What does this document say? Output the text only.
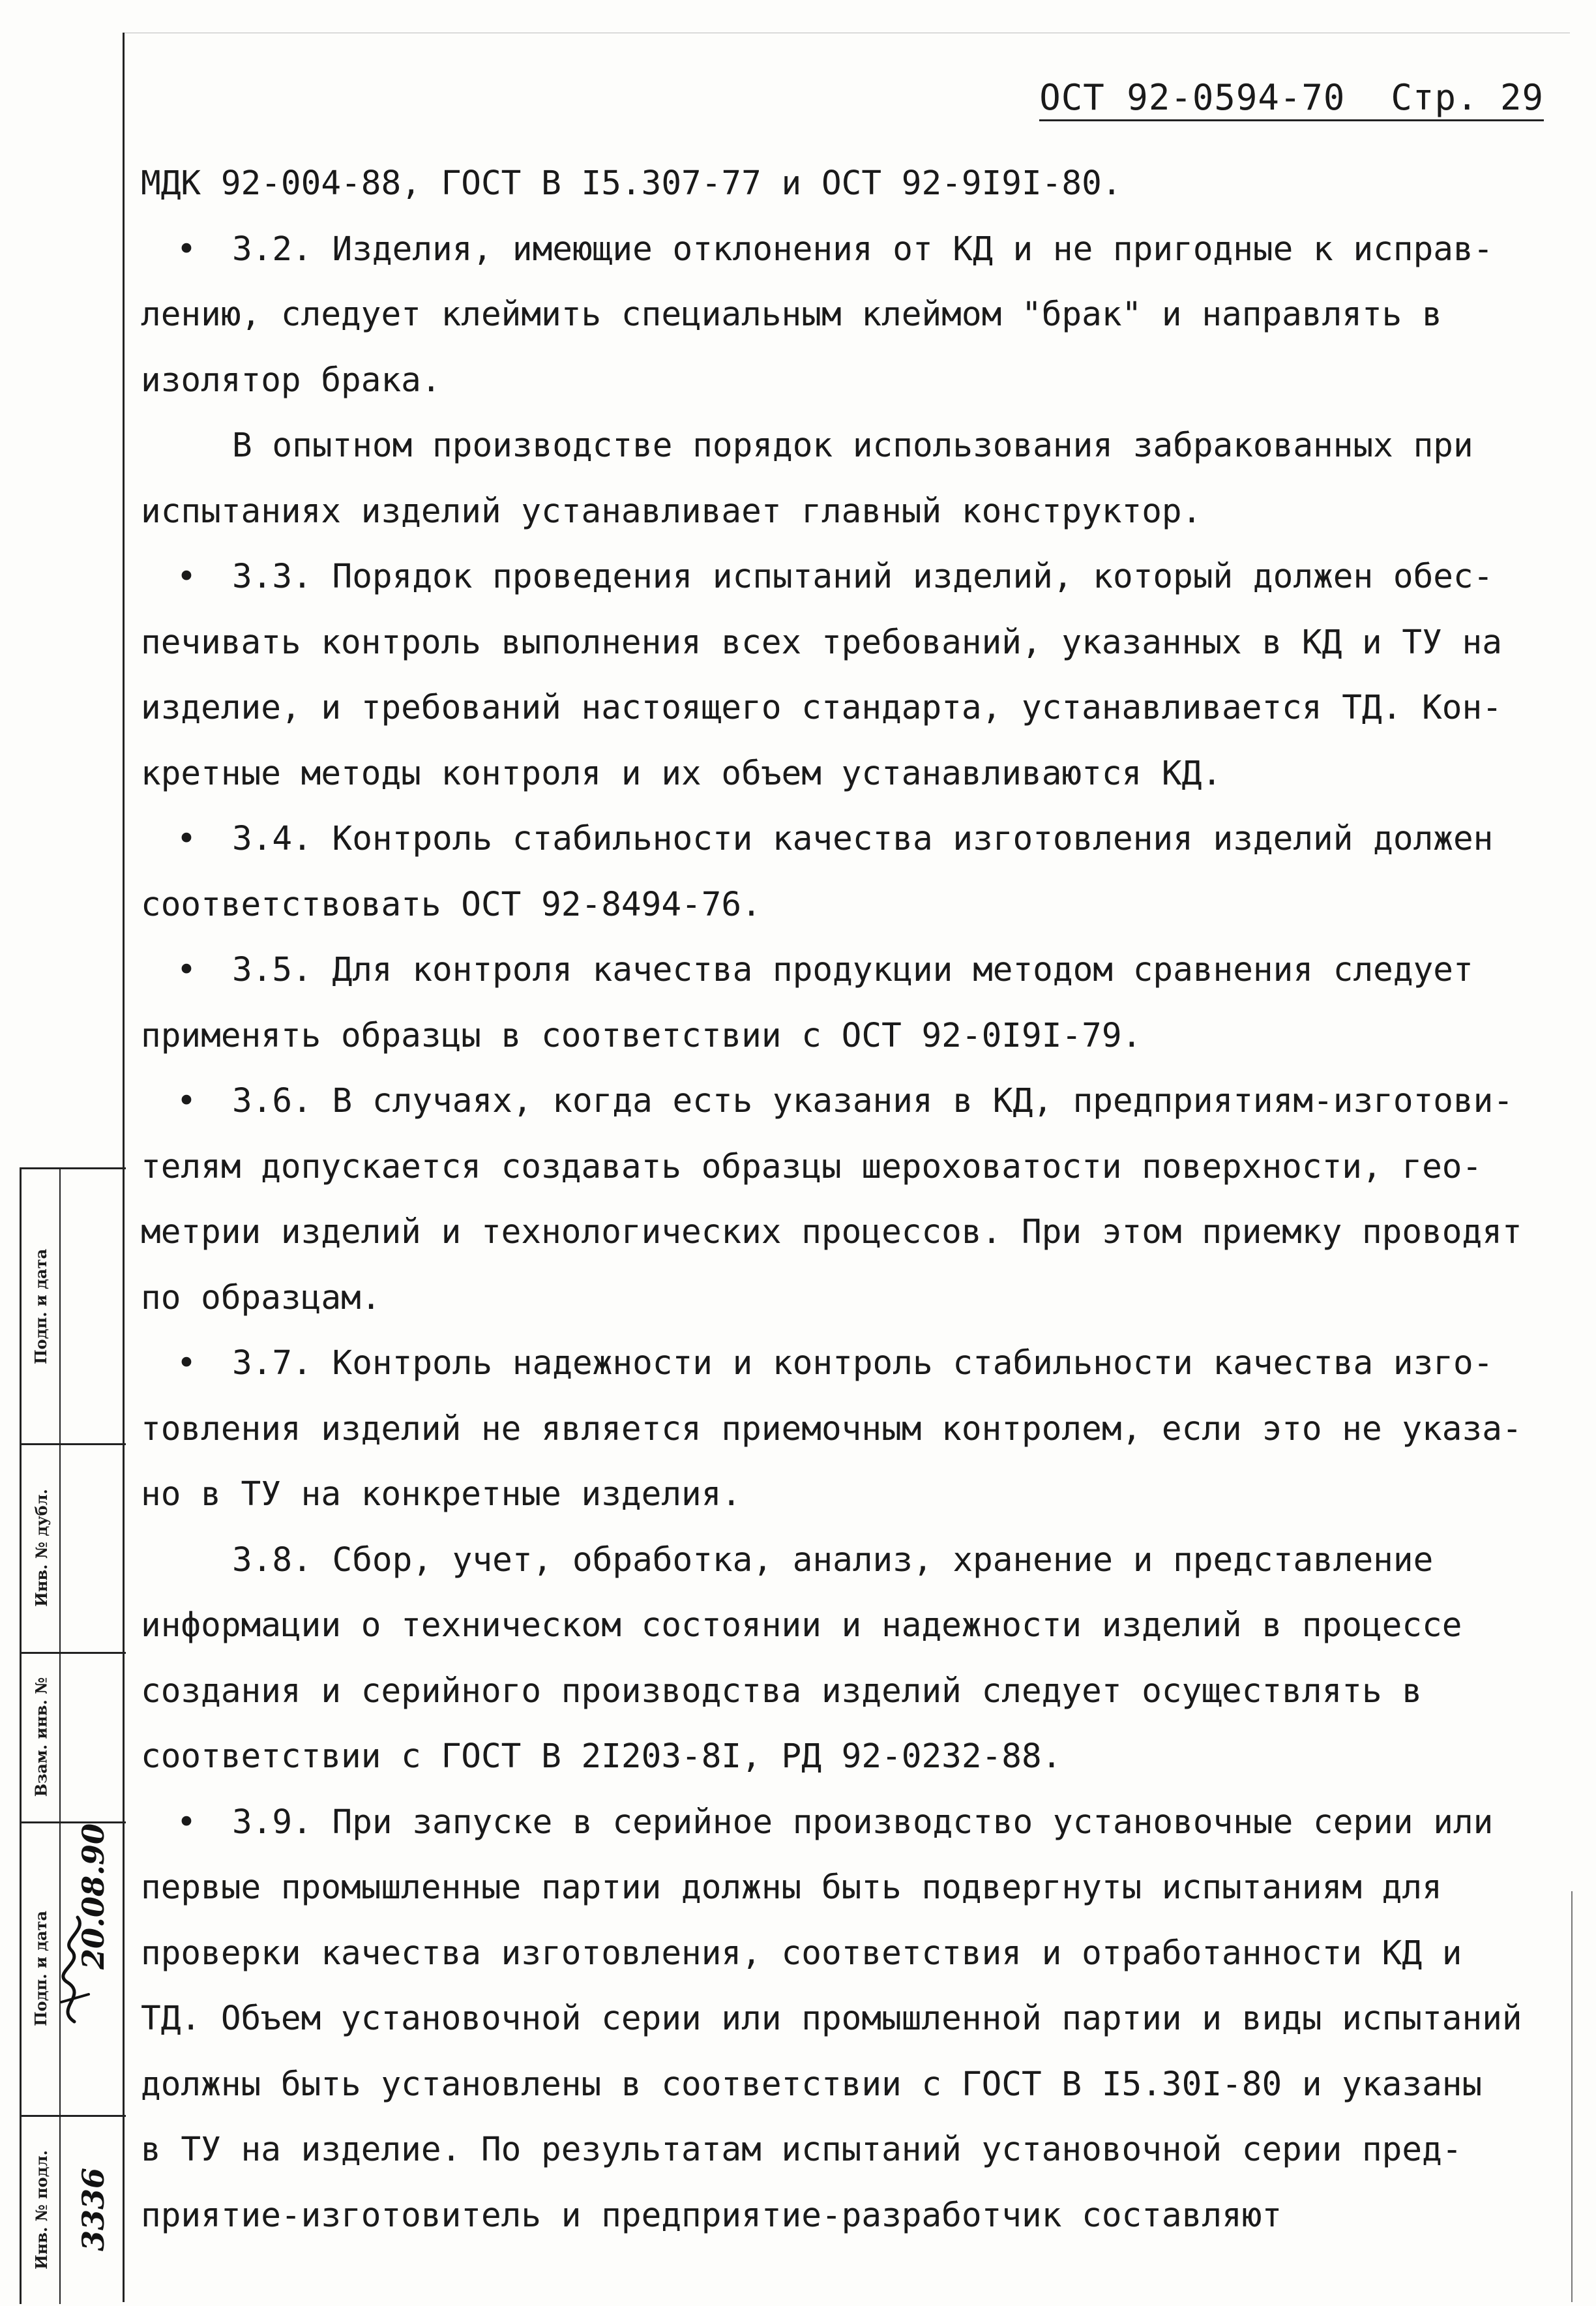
ОСТ 92-0594-70 Стр. 29
МДК 92-004-88, ГОСТ В I5.307-77 и ОСТ 92-9I9I-80.
• 3.2. Изделия, имеющие отклонения от КД и не пригодные к исправ-
лению, следует клеймить специальным клеймом "брак" и направлять в
изолятор брака.
В опытном производстве порядок использования забракованных при
испытаниях изделий устанавливает главный конструктор.
• 3.3. Порядок проведения испытаний изделий, который должен обес-
печивать контроль выполнения всех требований, указанных в КД и ТУ на
изделие, и требований настоящего стандарта, устанавливается ТД. Кон-
кретные методы контроля и их объем устанавливаются КД.
• 3.4. Контроль стабильности качества изготовления изделий должен
соответствовать ОСТ 92-8494-76.
• 3.5. Для контроля качества продукции методом сравнения следует
применять образцы в соответствии с ОСТ 92-0I9I-79.
• 3.6. В случаях, когда есть указания в КД, предприятиям-изготови-
телям допускается создавать образцы шероховатости поверхности, гео-
метрии изделий и технологических процессов. При этом приемку проводят
по образцам.
• 3.7. Контроль надежности и контроль стабильности качества изго-
товления изделий не является приемочным контролем, если это не указа-
но в ТУ на конкретные изделия.
3.8. Сбор, учет, обработка, анализ, хранение и представление
информации о техническом состоянии и надежности изделий в процессе
создания и серийного производства изделий следует осуществлять в
соответствии с ГОСТ В 2I203-8I, РД 92-0232-88.
• 3.9. При запуске в серийное производство установочные серии или
первые промышленные партии должны быть подвергнуты испытаниям для
проверки качества изготовления, соответствия и отработанности КД и
ТД. Объем установочной серии или промышленной партии и виды испытаний
должны быть установлены в соответствии с ГОСТ В I5.30I-80 и указаны
в ТУ на изделие. По результатам испытаний установочной серии пред-
приятие-изготовитель и предприятие-разработчик составляют
Подп. и дата
Инв. № дубл.
Взам. инв. №
Подп. и дата
Инв. № подл.
20.08.90
3336
